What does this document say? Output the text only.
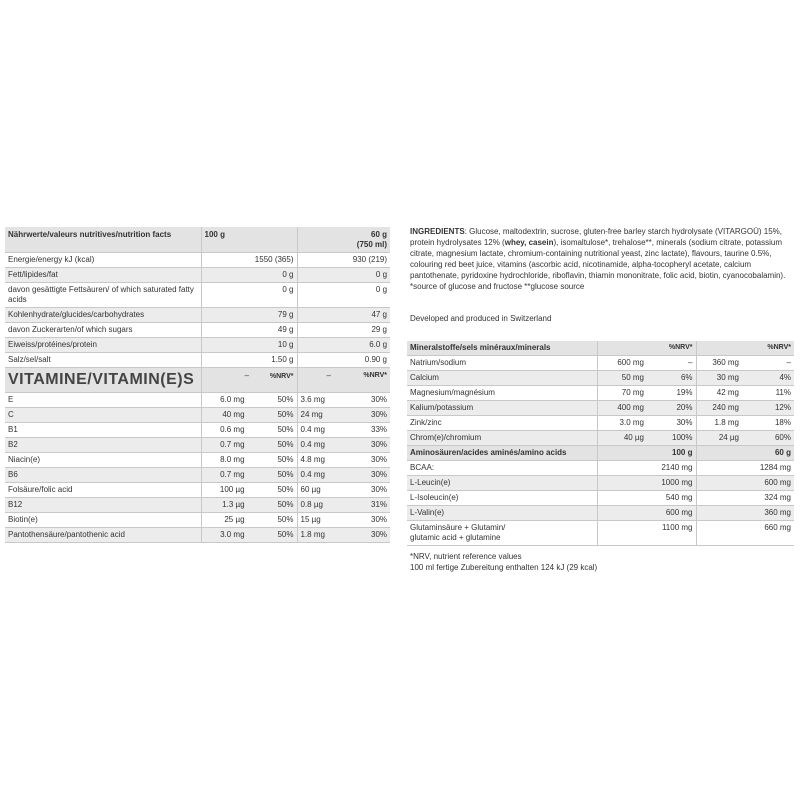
Nährwerte/valeurs nutritives/nutrition facts	100 g	60 g
(750 ml)	

Energie/energy kJ (kcal)	1550 (365)	930 (219)	
Fett/lipides/fat	0 g	0 g	
davon gesättigte Fettsäuren/ of which saturated fatty acids	0 g	0 g	
Kohlenhydrate/glucides/carbohydrates	79 g	47 g	
davon Zuckerarten/of which sugars	49 g	29 g	
Eiweiss/protéines/protein	10 g	6.0 g	
Salz/sel/salt	1.50 g	0.90 g	
VITAMINE/VITAMIN(E)S	– %NRV*	–	%NRV*
E	6.0 mg 50%	3.6 mg	30%
C	40 mg 50%	24 mg	30%
B1	0.6 mg 50%	0.4 mg	33%
B2	0.7 mg 50%	0.4 mg	30%
Niacin(e)	8.0 mg 50%	4.8 mg	30%
B6	0.7 mg 50%	0.4 mg	30%
Folsäure/folic acid	100 µg 50%	60 µg	30%
B12	1.3 µg 50%	0.8 µg	31%
Biotin(e)	25 µg 50%	15 µg	30%
Pantothensäure/pantothenic acid	3.0 mg 50%	1.8 mg	30%

INGREDIENTS: Glucose, maltodextrin, sucrose, gluten-free barley starch hydrolysate (VITARGOÜ) 15%, protein hydrolysates 12% (whey, casein), isomaltulose*, trehalose**, minerals (sodium citrate, potassium citrate, magnesium lactate, chromium-containing nutritional yeast, zinc lactate), flavours, taurine 0.5%, colouring red beet juice, vitamins (ascorbic acid, nicotinamide, alpha-tocopheryl acetate, calcium pantothenate, pyridoxine hydrochloride, riboflavin, thiamin mononitrate, folic acid, biotin, cyanocobalamin). *source of glucose and fructose **glucose source

Developed and produced in Switzerland

Mineralstoffe/sels minéraux/minerals		%NRV*		%NRV*
Natrium/sodium	600 mg	–	360 mg	–
Calcium	50 mg	6%	30 mg	4%
Magnesium/magnésium	70 mg	19%	42 mg	11%
Kalium/potassium	400 mg	20%	240 mg	12%
Zink/zinc	3.0 mg	30%	1.8 mg	18%
Chrom(e)/chromium	40 µg	100%	24 µg	60%
Aminosäuren/acides aminés/amino acids	100 g		60 g	
BCAA:	2140 mg		1284 mg	
L-Leucin(e)	1000 mg		600 mg	
L-Isoleucin(e)	540 mg		324 mg	
L-Valin(e)	600 mg		360 mg	

Glutaminsäure + Glutamin/
glutamic acid + glutamine	1100 mg		660 mg	
*NRV, nutrient reference values
100 ml fertige Zubereitung enthalten 124 kJ (29 kcal)
